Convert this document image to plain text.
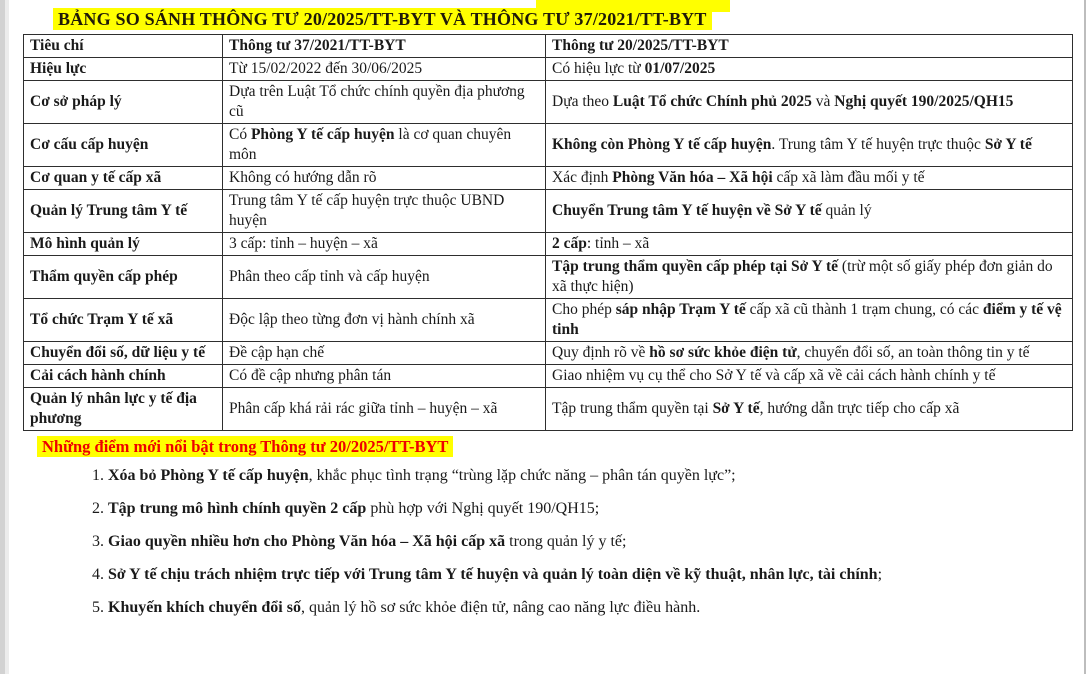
BẢNG SO SÁNH THÔNG TƯ 20/2025/TT-BYT VÀ THÔNG TƯ 37/2021/TT-BYT
Tiêu chí	Thông tư 37/2021/TT-BYT	Thông tư 20/2025/TT-BYT
Hiệu lực	Từ 15/02/2022 đến 30/06/2025	Có hiệu lực từ 01/07/2025
Cơ sở pháp lý	Dựa trên Luật Tổ chức chính quyền địa phương cũ	Dựa theo Luật Tổ chức Chính phủ 2025 và Nghị quyết 190/2025/QH15
Cơ cấu cấp huyện	Có Phòng Y tế cấp huyện là cơ quan chuyên môn	Không còn Phòng Y tế cấp huyện. Trung tâm Y tế huyện trực thuộc Sở Y tế
Cơ quan y tế cấp xã	Không có hướng dẫn rõ	Xác định Phòng Văn hóa – Xã hội cấp xã làm đầu mối y tế
Quản lý Trung tâm Y tế	Trung tâm Y tế cấp huyện trực thuộc UBND huyện	Chuyển Trung tâm Y tế huyện về Sở Y tế quản lý
Mô hình quản lý	3 cấp: tỉnh – huyện – xã	2 cấp: tỉnh – xã
Thẩm quyền cấp phép	Phân theo cấp tỉnh và cấp huyện	Tập trung thẩm quyền cấp phép tại Sở Y tế (trừ một số giấy phép đơn giản do xã thực hiện)
Tổ chức Trạm Y tế xã	Độc lập theo từng đơn vị hành chính xã	Cho phép sáp nhập Trạm Y tế cấp xã cũ thành 1 trạm chung, có các điểm y tế vệ tinh
Chuyển đổi số, dữ liệu y tế	Đề cập hạn chế	Quy định rõ về hồ sơ sức khỏe điện tử, chuyển đổi số, an toàn thông tin y tế
Cải cách hành chính	Có đề cập nhưng phân tán	Giao nhiệm vụ cụ thể cho Sở Y tế và cấp xã về cải cách hành chính y tế
Quản lý nhân lực y tế địa phương	Phân cấp khá rải rác giữa tỉnh – huyện – xã	Tập trung thẩm quyền tại Sở Y tế, hướng dẫn trực tiếp cho cấp xã
Những điểm mới nổi bật trong Thông tư 20/2025/TT-BYT
1. Xóa bỏ Phòng Y tế cấp huyện, khắc phục tình trạng “trùng lặp chức năng – phân tán quyền lực”;
2. Tập trung mô hình chính quyền 2 cấp phù hợp với Nghị quyết 190/QH15;
3. Giao quyền nhiều hơn cho Phòng Văn hóa – Xã hội cấp xã trong quản lý y tế;
4. Sở Y tế chịu trách nhiệm trực tiếp với Trung tâm Y tế huyện và quản lý toàn diện về kỹ thuật, nhân lực, tài chính;
5. Khuyến khích chuyển đổi số, quản lý hồ sơ sức khỏe điện tử, nâng cao năng lực điều hành.
